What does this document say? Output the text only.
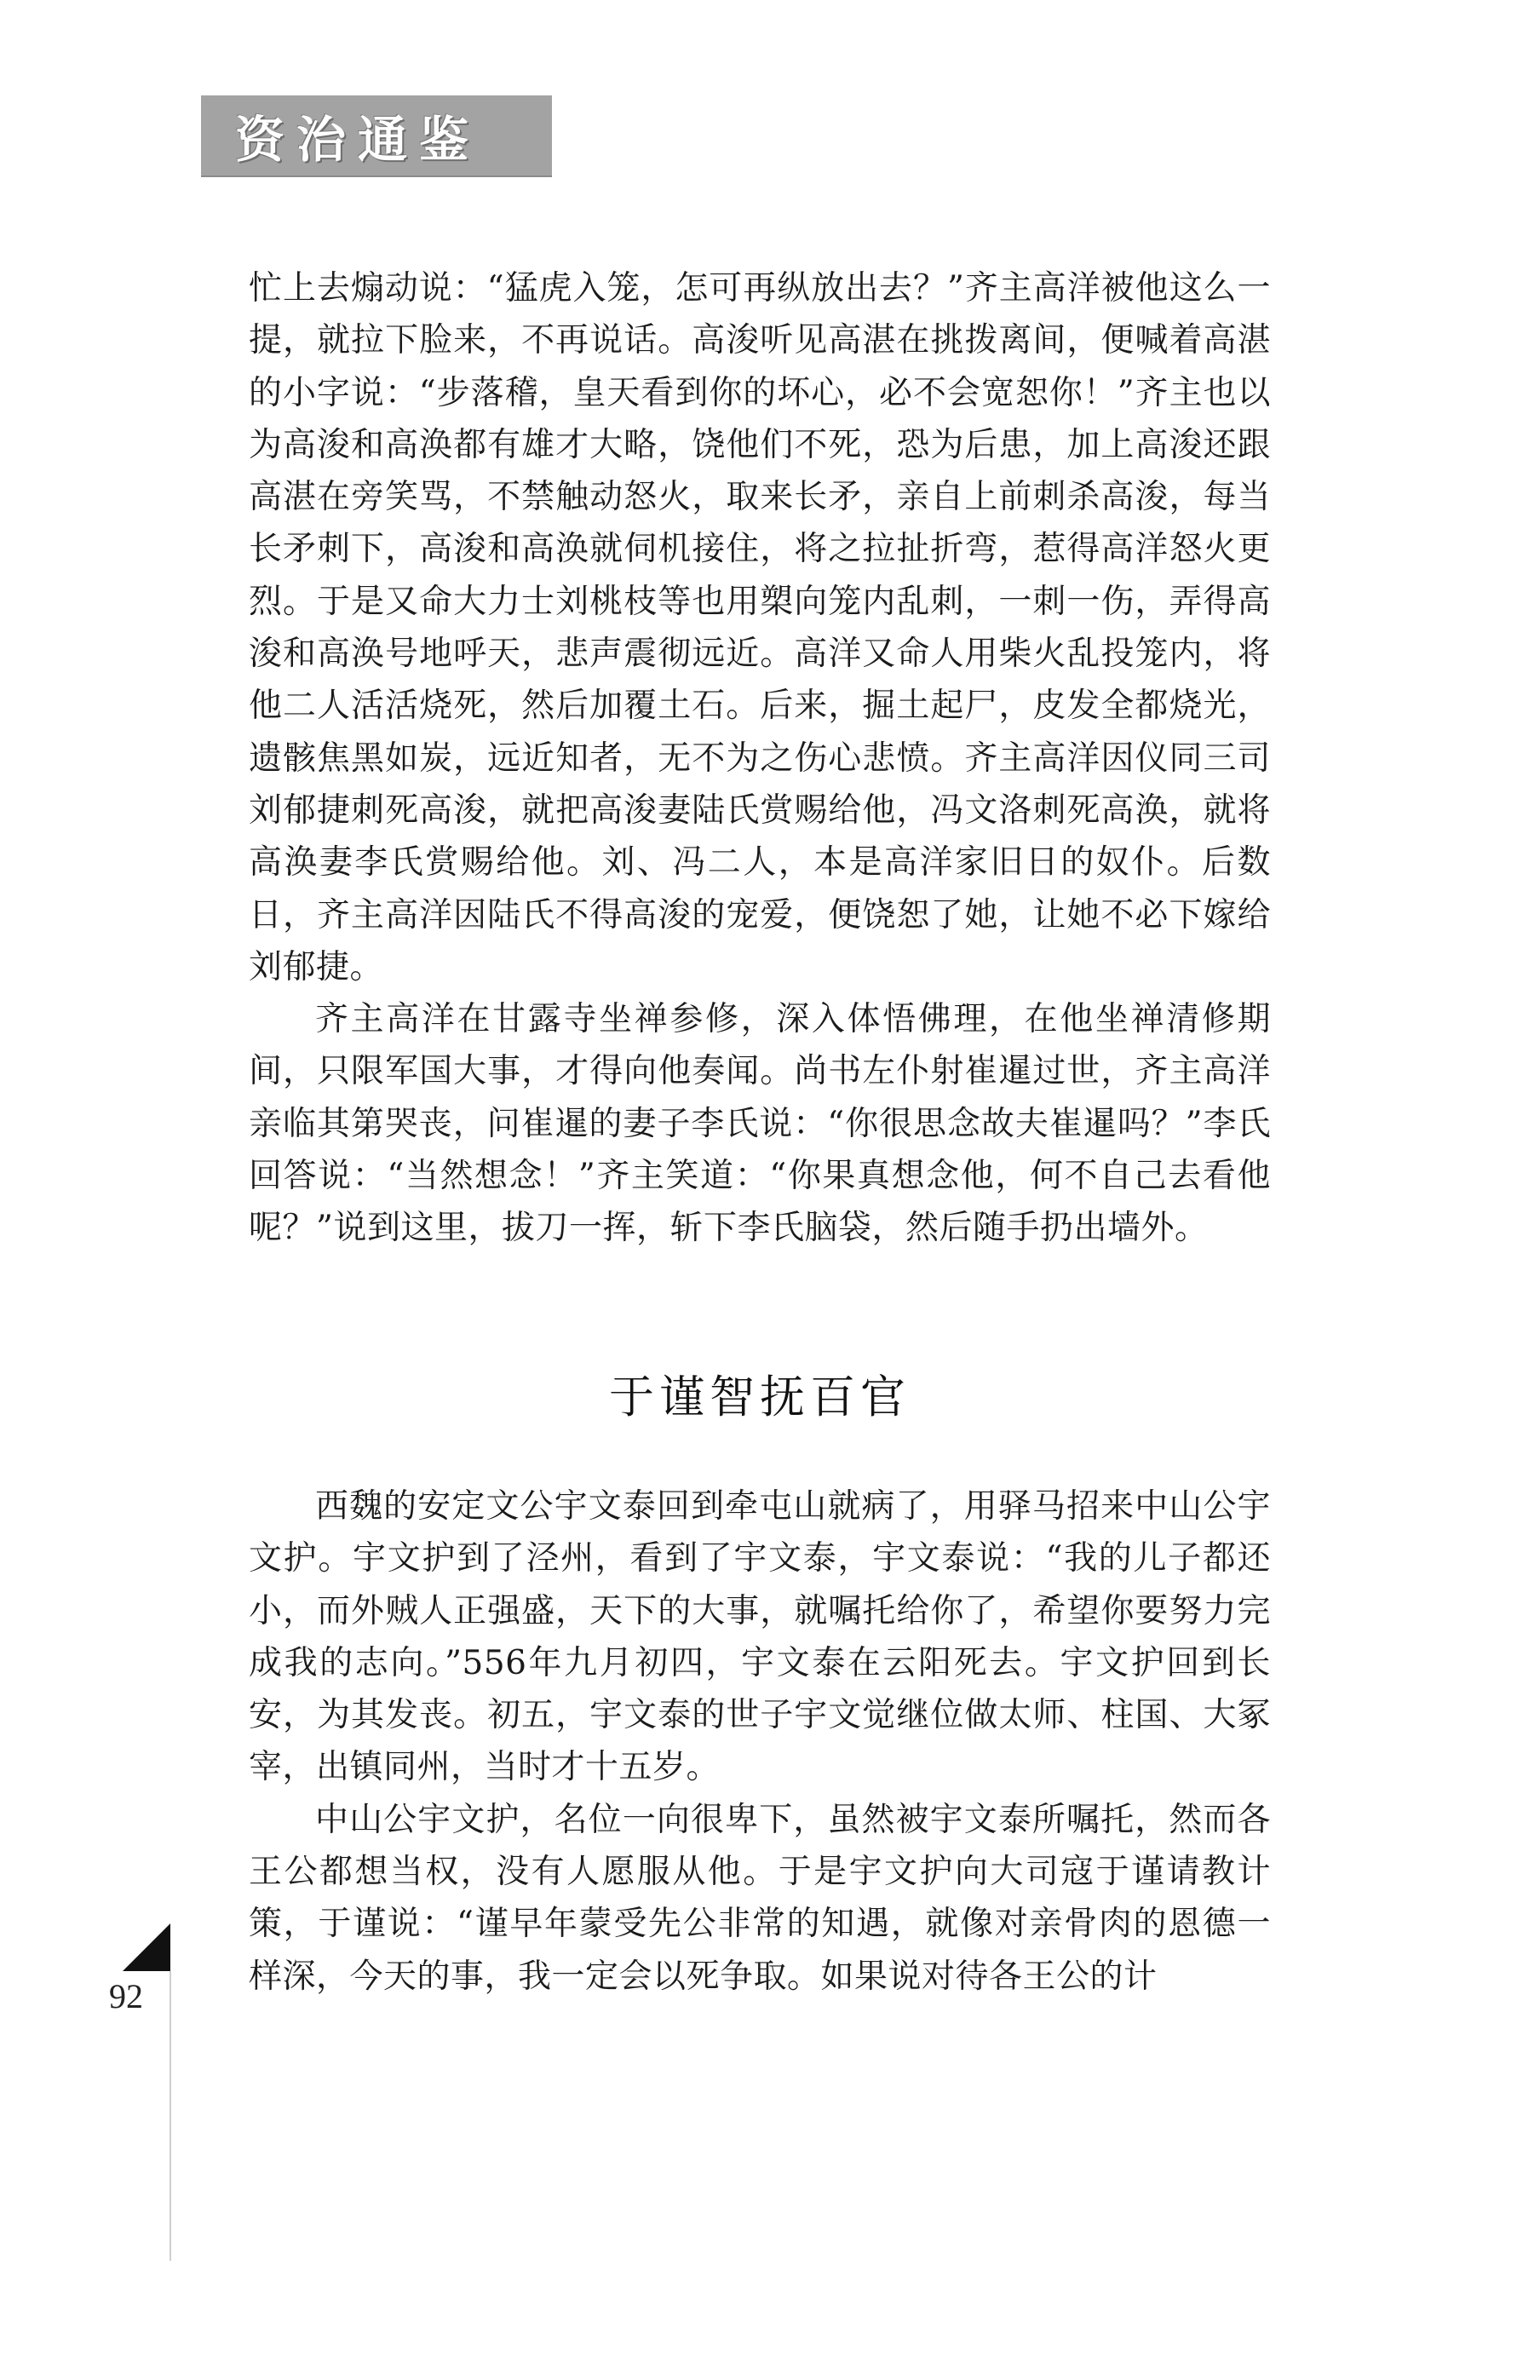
资治通鉴

忙上去煽动说：“猛虎入笼，怎可再纵放出去？”齐主高洋被他这么一提，就拉下脸来，不再说话。高浚听见高湛在挑拨离间，便喊着高湛的小字说：“步落稽，皇天看到你的坏心，必不会宽恕你！”齐主也以为高浚和高涣都有雄才大略，饶他们不死，恐为后患，加上高浚还跟高湛在旁笑骂，不禁触动怒火，取来长矛，亲自上前刺杀高浚，每当长矛刺下，高浚和高涣就伺机接住，将之拉扯折弯，惹得高洋怒火更烈。于是又命大力士刘桃枝等也用槊向笼内乱刺，一刺一伤，弄得高浚和高涣号地呼天，悲声震彻远近。高洋又命人用柴火乱投笼内，将他二人活活烧死，然后加覆土石。后来，掘土起尸，皮发全都烧光，遗骸焦黑如炭，远近知者，无不为之伤心悲愤。齐主高洋因仪同三司刘郁捷刺死高浚，就把高浚妻陆氏赏赐给他，冯文洛刺死高涣，就将高涣妻李氏赏赐给他。刘、冯二人，本是高洋家旧日的奴仆。后数日，齐主高洋因陆氏不得高浚的宠爱，便饶恕了她，让她不必下嫁给刘郁捷。

齐主高洋在甘露寺坐禅参修，深入体悟佛理，在他坐禅清修期间，只限军国大事，才得向他奏闻。尚书左仆射崔暹过世，齐主高洋亲临其第哭丧，问崔暹的妻子李氏说：“你很思念故夫崔暹吗？”李氏回答说：“当然想念！”齐主笑道：“你果真想念他，何不自己去看他呢？”说到这里，拔刀一挥，斩下李氏脑袋，然后随手扔出墙外。

于谨智抚百官

西魏的安定文公宇文泰回到牵屯山就病了，用驿马招来中山公宇文护。宇文护到了泾州，看到了宇文泰，宇文泰说：“我的儿子都还小，而外贼人正强盛，天下的大事，就嘱托给你了，希望你要努力完成我的志向。”556年九月初四，宇文泰在云阳死去。宇文护回到长安，为其发丧。初五，宇文泰的世子宇文觉继位做太师、柱国、大冢宰，出镇同州，当时才十五岁。

中山公宇文护，名位一向很卑下，虽然被宇文泰所嘱托，然而各王公都想当权，没有人愿服从他。于是宇文护向大司寇于谨请教计策，于谨说：“谨早年蒙受先公非常的知遇，就像对亲骨肉的恩德一样深，今天的事，我一定会以死争取。如果说对待各王公的计

92
